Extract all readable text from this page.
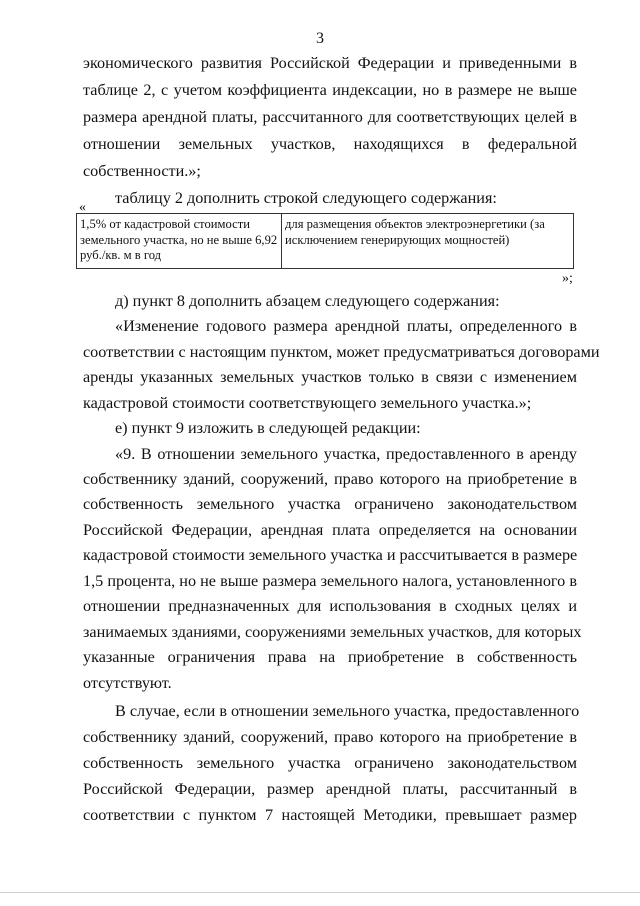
3
экономического развития Российской Федерации и приведенными в
таблице 2, с учетом коэффициента индексации, но в размере не выше
размера арендной платы, рассчитанного для соответствующих целей в
отношении земельных участков, находящихся в федеральной
собственности.»;
таблицу 2 дополнить строкой следующего содержания:
«
1,5% от кадастровой стоимости земельного участка, но не выше 6,92 руб./кв. м в год	для размещения объектов электроэнергетики (за исключением генерирующих мощностей)
»;
д) пункт 8 дополнить абзацем следующего содержания:
«Изменение годового размера арендной платы, определенного в
соответствии с настоящим пунктом, может предусматриваться договорами
аренды указанных земельных участков только в связи с изменением
кадастровой стоимости соответствующего земельного участка.»;
е) пункт 9 изложить в следующей редакции:
«9. В отношении земельного участка, предоставленного в аренду
собственнику зданий, сооружений, право которого на приобретение в
собственность земельного участка ограничено законодательством
Российской Федерации, арендная плата определяется на основании
кадастровой стоимости земельного участка и рассчитывается в размере
1,5 процента, но не выше размера земельного налога, установленного в
отношении предназначенных для использования в сходных целях и
занимаемых зданиями, сооружениями земельных участков, для которых
указанные ограничения права на приобретение в собственность
отсутствуют.
В случае, если в отношении земельного участка, предоставленного
собственнику зданий, сооружений, право которого на приобретение в
собственность земельного участка ограничено законодательством
Российской Федерации, размер арендной платы, рассчитанный в
соответствии с пунктом 7 настоящей Методики, превышает размер
